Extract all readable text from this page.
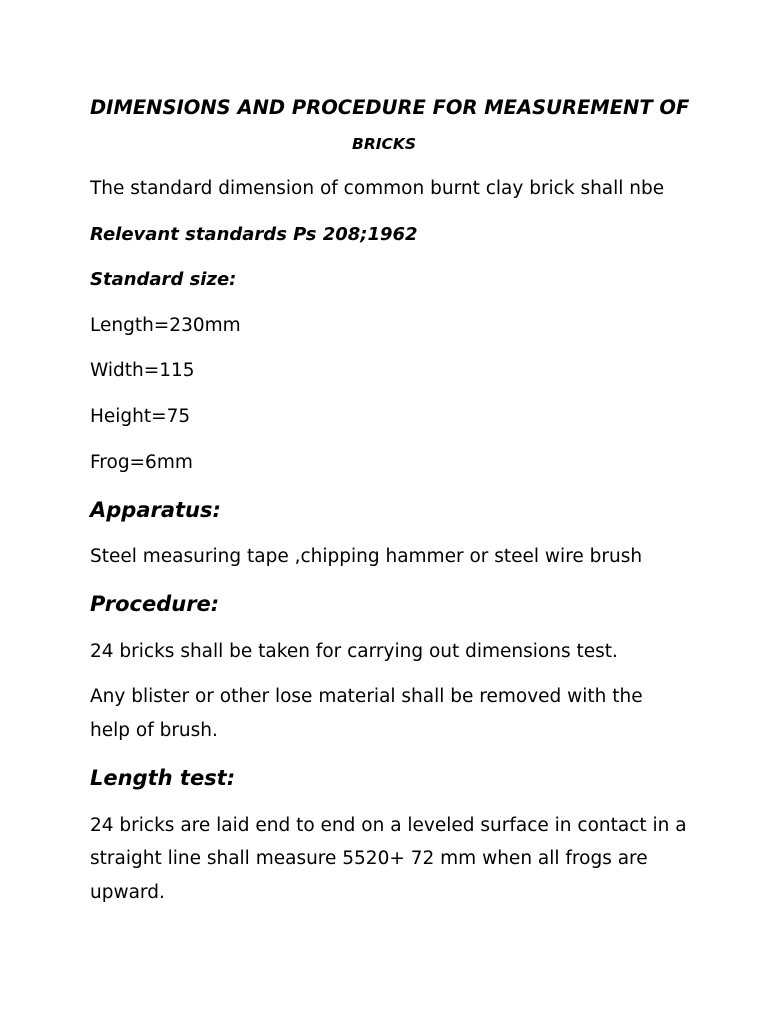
DIMENSIONS AND PROCEDURE FOR MEASUREMENT OF

BRICKS

The standard dimension of common burnt clay brick shall nbe

Relevant standards Ps 208;1962

Standard size:

Length=230mm

Width=115

Height=75

Frog=6mm

Apparatus:

Steel measuring tape ,chipping hammer or steel wire brush

Procedure:

24 bricks shall be taken for carrying out dimensions test.

Any blister or other lose material shall be removed with the

help of brush.

Length test:

24 bricks are laid end to end on a leveled surface in contact in a

straight line shall measure 5520+ 72 mm when all frogs are

upward.
